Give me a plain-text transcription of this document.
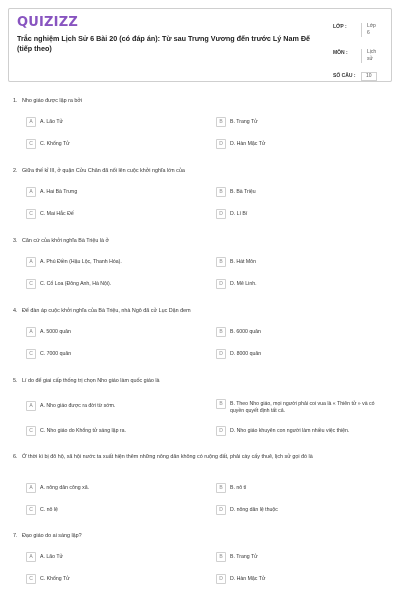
QUIZIZZ
Trắc nghiệm Lịch Sử 6 Bài 20 (có đáp án): Từ sau Trưng Vương đến trước Lý Nam Đế (tiếp theo)
LỚP :	Lớp 6
MÔN :	Lịch sử
SỐ CÂU :	10
1. Nho giáo được lập ra bởi
A	A. Lão Tử	B	B. Trang Tử
C	C. Khổng Tử	D	D. Hàn Mặc Tử
2. Giữa thế kỉ III, ở quận Cửu Chân đã nổi lên cuộc khởi nghĩa lớn của
A	A. Hai Bà Trưng	B	B. Bà Triệu
C	C. Mai Hắc Đế	D	D. Lí Bí
3. Căn cứ của khởi nghĩa Bà Triệu là ở
A	A. Phú Điền (Hậu Lộc, Thanh Hóa).	B	B. Hát Môn
C	C. Cổ Loa (Đông Anh, Hà Nội).	D	D. Mê Linh.
4. Để đàn áp cuộc khởi nghĩa của Bà Triệu, nhà Ngô đã cử Lục Dận đem
A	A. 5000 quân	B	B. 6000 quân
C	C. 7000 quân	D	D. 8000 quân
5. Lí do để giai cấp thống trị chọn Nho giáo làm quốc giáo là
A	A. Nho giáo được ra đời từ sớm.	B	B. Theo Nho giáo, mọi người phải coi vua là « Thiên tử » và có quyền quyết định tất cả.
C	C. Nho giáo do Khổng tử sáng lập ra.	D	D. Nho giáo khuyên con người làm nhiều việc thiện.
6. Ở thời kì bị đô hộ, xã hội nước ta xuất hiện thêm những nông dân không có ruộng đất, phải cày cấy thuê, lịch sử gọi đó là
A	A. nông dân công xã.	B	B. nô tì
C	C. nô lệ	D	D. nông dân lệ thuộc
7. Đạo giáo do ai sáng lập?
A	A. Lão Tử	B	B. Trang Tử
C	C. Khổng Tử	D	D. Hàn Mặc Tử
